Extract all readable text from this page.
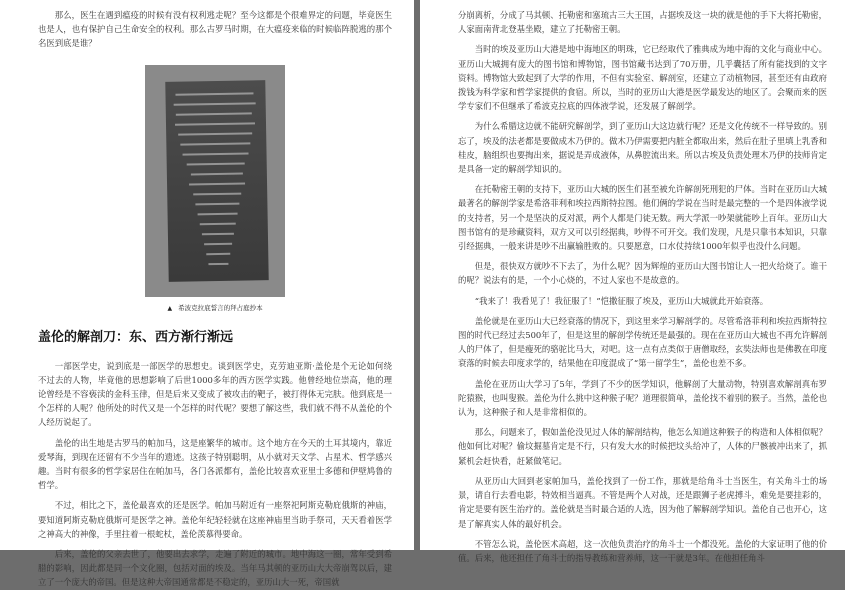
那么，医生在遇到瘟疫的时候有没有权利逃走呢？至今这都是个很难界定的问题，毕竟医生也是人，也有保护自己生命安全的权利。那么古罗马时期，在大瘟疫来临的时候临阵脱逃的那个名医到底是谁？

▲ 希波克拉底誓言的拜占庭抄本
盖伦的解剖刀：东、西方渐行渐远

一部医学史，说到底是一部医学的思想史。谈到医学史，克劳迪亚斯·盖伦是个无论如何绕不过去的人物，毕竟他的思想影响了后世1000多年的西方医学实践。他曾经地位崇高，他的理论曾经是不容亵渎的金科玉律，但是后来又变成了被攻击的靶子，被打得体无完肤。他到底是一个怎样的人呢？他所处的时代又是一个怎样的时代呢？要想了解这些，我们就不得不从盖伦的个人经历说起了。

盖伦的出生地是古罗马的帕加马，这是座繁华的城市。这个地方在今天的土耳其境内，靠近爱琴海，到现在还留有不少当年的遗迹。这孩子特别聪明，从小就对天文学、占星术、哲学感兴趣。当时有很多的哲学家居住在帕加马，各门各派都有，盖伦比较喜欢亚里士多德和伊壁鸠鲁的哲学。

不过，相比之下，盖伦最喜欢的还是医学。帕加马附近有一座祭祀阿斯克勒庇俄斯的神庙，要知道阿斯克勒庇俄斯可是医学之神。盖伦年纪轻轻就在这座神庙里当助手祭司，天天看着医学之神高大的神像，手里拄着一根蛇杖，盖伦羡慕得要命。

后来，盖伦的父亲去世了，他要出去求学，走遍了附近的城市。地中海这一圈，常年受到希腊的影响，因此都是同一个文化圈，包括对面的埃及。当年马其顿的亚历山大大帝崩驾以后，建立了一个庞大的帝国。但是这种大帝国通常都是不稳定的，亚历山大一死，帝国就

分崩离析，分成了马其顿、托勒密和塞琉古三大王国，占据埃及这一块的就是他的手下大将托勒密，人家面南背北登基坐殿，建立了托勒密王朝。

当时的埃及亚历山大港是地中海地区的明珠，它已经取代了雅典成为地中海的文化与商业中心。亚历山大城拥有庞大的图书馆和博物馆，图书馆藏书达到了70万册，几乎囊括了所有能找到的文字资料。博物馆大致起到了大学的作用，不但有实验室、解剖室，还建立了动植物园，甚至还有由政府拨钱为科学家和哲学家提供的食宿。所以，当时的亚历山大港是医学最发达的地区了。会聚而来的医学专家们不但继承了希波克拉底的四体液学说，还发展了解剖学。

为什么希腊这边就不能研究解剖学，到了亚历山大这边就行呢？还是文化传统不一样导致的。别忘了，埃及的法老都是要做成木乃伊的。做木乃伊需要把内脏全都取出来，然后在肚子里填上乳香和桂皮，脑组织也要掏出来，据说是弄成液体，从鼻腔流出来。所以古埃及负责处理木乃伊的技师肯定是具备一定的解剖学知识的。

在托勒密王朝的支持下，亚历山大城的医生们甚至被允许解剖死刑犯的尸体。当时在亚历山大城最著名的解剖学家是希洛菲利和埃拉西斯特拉图。他们俩的学说在当时是最完整的一个是四体液学说的支持者，另一个是坚决的反对派，两个人都是门徒无数。两大学派一吵架就能吵上百年。亚历山大图书馆有的是珍藏资料，双方又可以引经据典，吵得不可开交。我们发现，凡是只靠书本知识，只靠引经据典，一般来讲是吵不出赢输胜败的。只要愿意，口水仗持续1000年似乎也没什么问题。

但是，很快双方就吵不下去了，为什么呢？因为辉煌的亚历山大图书馆让人一把火给烧了。谁干的呢？说法有的是，一个小心烧的，不过人家也不是故意的。

“我来了！我看见了！我征服了！”恺撒征服了埃及，亚历山大城就此开始衰落。

盖伦就是在亚历山大已经衰落的情况下，到这里来学习解剖学的。尽管希洛菲利和埃拉西斯特拉图的时代已经过去500年了，但是这里的解剖学传统还是最强的。现在在亚历山大城也不再允许解剖人的尸体了，但是瘦死的骆驼比马大，对吧。这一点有点类似于唐僧取经，玄奘法师也是佛教在印度衰落的时候去印度求学的，结果他在印度混成了“第一留学生”，盖伦也差不多。

盖伦在亚历山大学习了5年，学到了不少的医学知识，他解剖了大量动物，特别喜欢解剖真布罗陀猿猴，也叫叟猴。盖伦为什么挑中这种猴子呢？道理很简单，盖伦找不着别的猴子。当然，盖伦也认为，这种猴子和人是非常相似的。

那么，问题来了，假如盖伦没见过人体的解剖结构，他怎么知道这种猴子的构造和人体相似呢？他如何比对呢？偷坟掘墓肯定是不行，只有发大水的时候把坟头给冲了，人体的尸骸被冲出来了，抓紧机会赶快看，赶紧做笔记。

从亚历山大回到老家帕加马，盖伦找到了一份工作，那就是给角斗士当医生，有关角斗士的场景，请自行去看电影，特效相当逼真。不管是两个人对战，还是跟狮子老虎搏斗，难免是要挂彩的，肯定是要有医生治疗的。盖伦就是当时最合适的人选，因为他了解解剖学知识。盖伦自己也开心，这是了解真实人体的最好机会。

不管怎么说，盖伦医术高超，这一次他负责治疗的角斗士一个都没死。盖伦的大家证明了他的价值。后来，他还担任了角斗士的指导教练和营养师，这一干就是3年。在他担任角斗
